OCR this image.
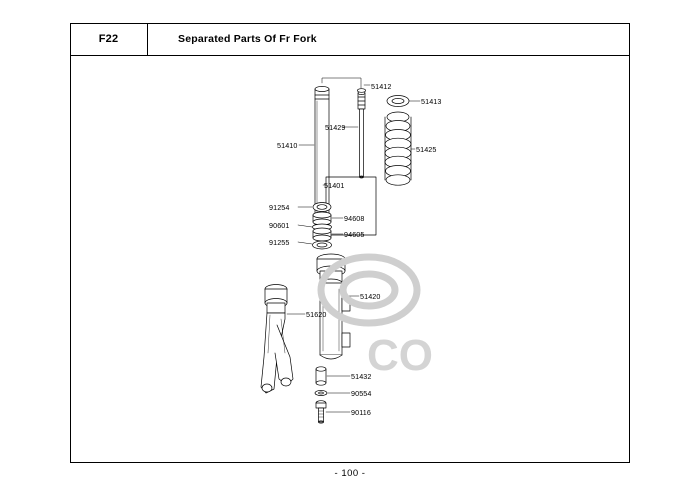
F22	Separated Parts Of Fr Fork
CO
51412
51413
51429
51425
51410
51401
91254
94608
90601
94605
91255
51420
51620
51432
90554
90116
- 100 -
